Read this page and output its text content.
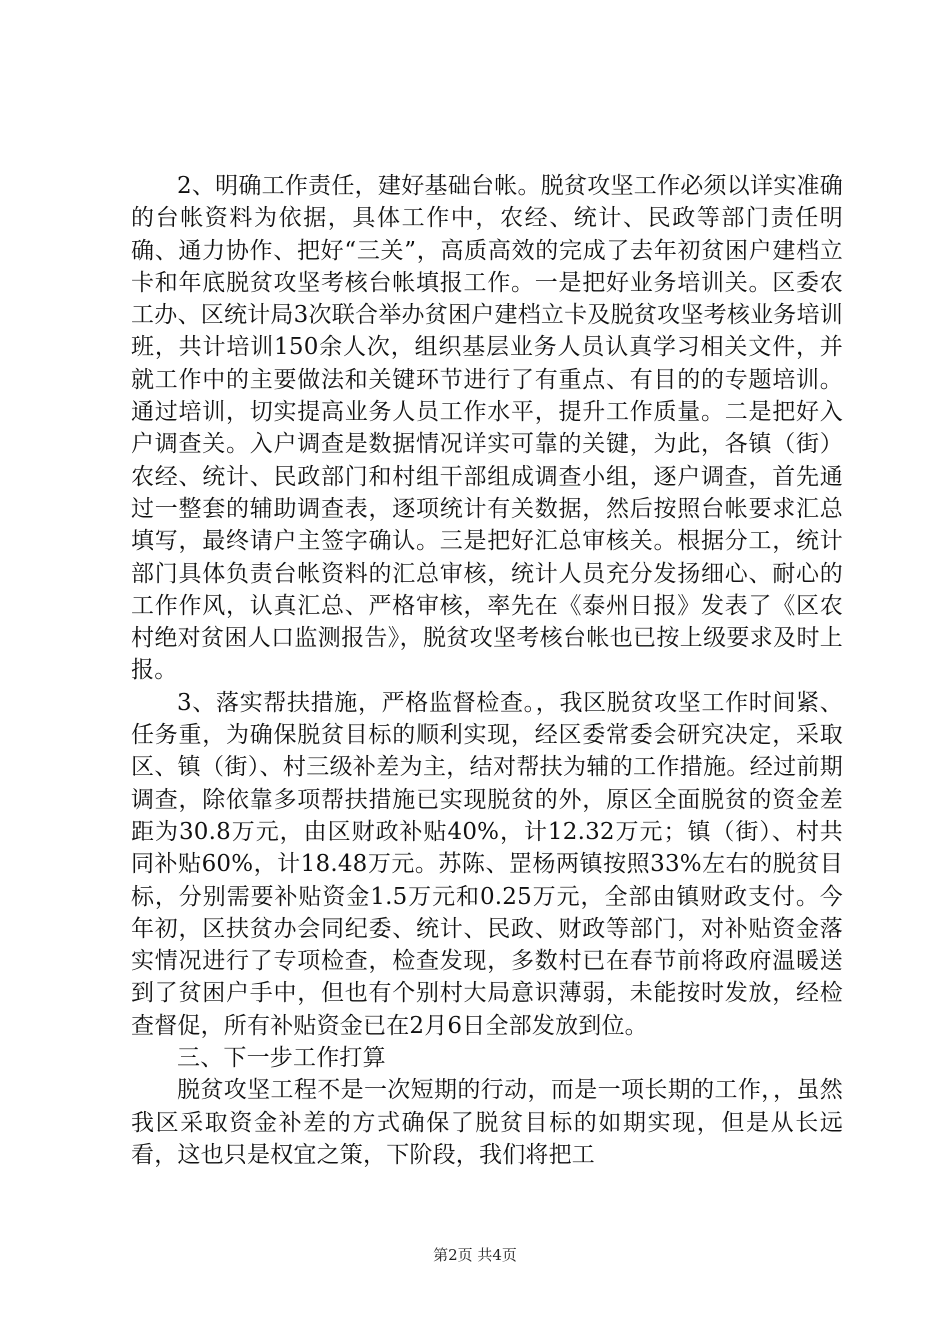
2、明确工作责任，建好基础台帐。脱贫攻坚工作必须以详实准确的台帐资料为依据，具体工作中，农经、统计、民政等部门责任明确、通力协作、把好“三关”，高质高效的完成了去年初贫困户建档立卡和年底脱贫攻坚考核台帐填报工作。一是把好业务培训关。区委农工办、区统计局3次联合举办贫困户建档立卡及脱贫攻坚考核业务培训班，共计培训150余人次，组织基层业务人员认真学习相关文件，并就工作中的主要做法和关键环节进行了有重点、有目的的专题培训。通过培训，切实提高业务人员工作水平，提升工作质量。二是把好入户调查关。入户调查是数据情况详实可靠的关键，为此，各镇（街）农经、统计、民政部门和村组干部组成调查小组，逐户调查，首先通过一整套的辅助调查表，逐项统计有关数据，然后按照台帐要求汇总填写，最终请户主签字确认。三是把好汇总审核关。根据分工，统计部门具体负责台帐资料的汇总审核，统计人员充分发扬细心、耐心的工作作风，认真汇总、严格审核，率先在《泰州日报》发表了《区农村绝对贫困人口监测报告》，脱贫攻坚考核台帐也已按上级要求及时上报。

3、落实帮扶措施，严格监督检查。，我区脱贫攻坚工作时间紧、任务重，为确保脱贫目标的顺利实现，经区委常委会研究决定，采取区、镇（街）、村三级补差为主，结对帮扶为辅的工作措施。经过前期调查，除依靠多项帮扶措施已实现脱贫的外，原区全面脱贫的资金差距为30.8万元，由区财政补贴40%，计12.32万元；镇（街）、村共同补贴60%，计18.48万元。苏陈、罡杨两镇按照33%左右的脱贫目标，分别需要补贴资金1.5万元和0.25万元，全部由镇财政支付。今年初，区扶贫办会同纪委、统计、民政、财政等部门，对补贴资金落实情况进行了专项检查，检查发现，多数村已在春节前将政府温暖送到了贫困户手中，但也有个别村大局意识薄弱，未能按时发放，经检查督促，所有补贴资金已在2月6日全部发放到位。

三、下一步工作打算

脱贫攻坚工程不是一次短期的行动，而是一项长期的工作，，虽然我区采取资金补差的方式确保了脱贫目标的如期实现，但是从长远看，这也只是权宜之策，下阶段，我们将把工

第2页 共4页
